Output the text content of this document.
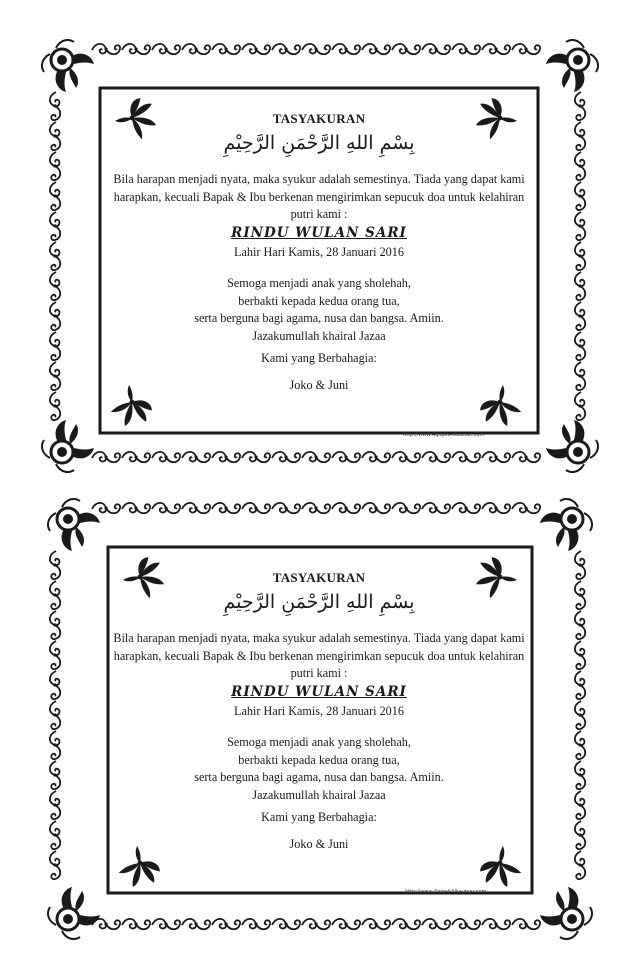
TASYAKURAN
بِسْمِ اللهِ الرَّحْمَنِ الرَّحِيْمِ
Bila harapan menjadi nyata, maka syukur adalah semestinya. Tiada yang dapat kami harapkan, kecuali Bapak & Ibu berkenan mengirimkan sepucuk doa untuk kelahiran putri kami :
RINDU WULAN SARI
Lahir Hari Kamis, 28 Januari 2016
Semoga menjadi anak yang sholehah,
berbakti kepada kedua orang tua,
serta berguna bagi agama, nusa dan bangsa. Amiin.
Jazakumullah khairal Jazaa
Kami yang Berbahagia:
Joko & Juni
http://www.AqiqahAlkautsar.com
TASYAKURAN
بِسْمِ اللهِ الرَّحْمَنِ الرَّحِيْمِ
Bila harapan menjadi nyata, maka syukur adalah semestinya. Tiada yang dapat kami harapkan, kecuali Bapak & Ibu berkenan mengirimkan sepucuk doa untuk kelahiran putri kami :
RINDU WULAN SARI
Lahir Hari Kamis, 28 Januari 2016
Semoga menjadi anak yang sholehah,
berbakti kepada kedua orang tua,
serta berguna bagi agama, nusa dan bangsa. Amiin.
Jazakumullah khairal Jazaa
Kami yang Berbahagia:
Joko & Juni
http://www.AqiqahAlkautsar.com
